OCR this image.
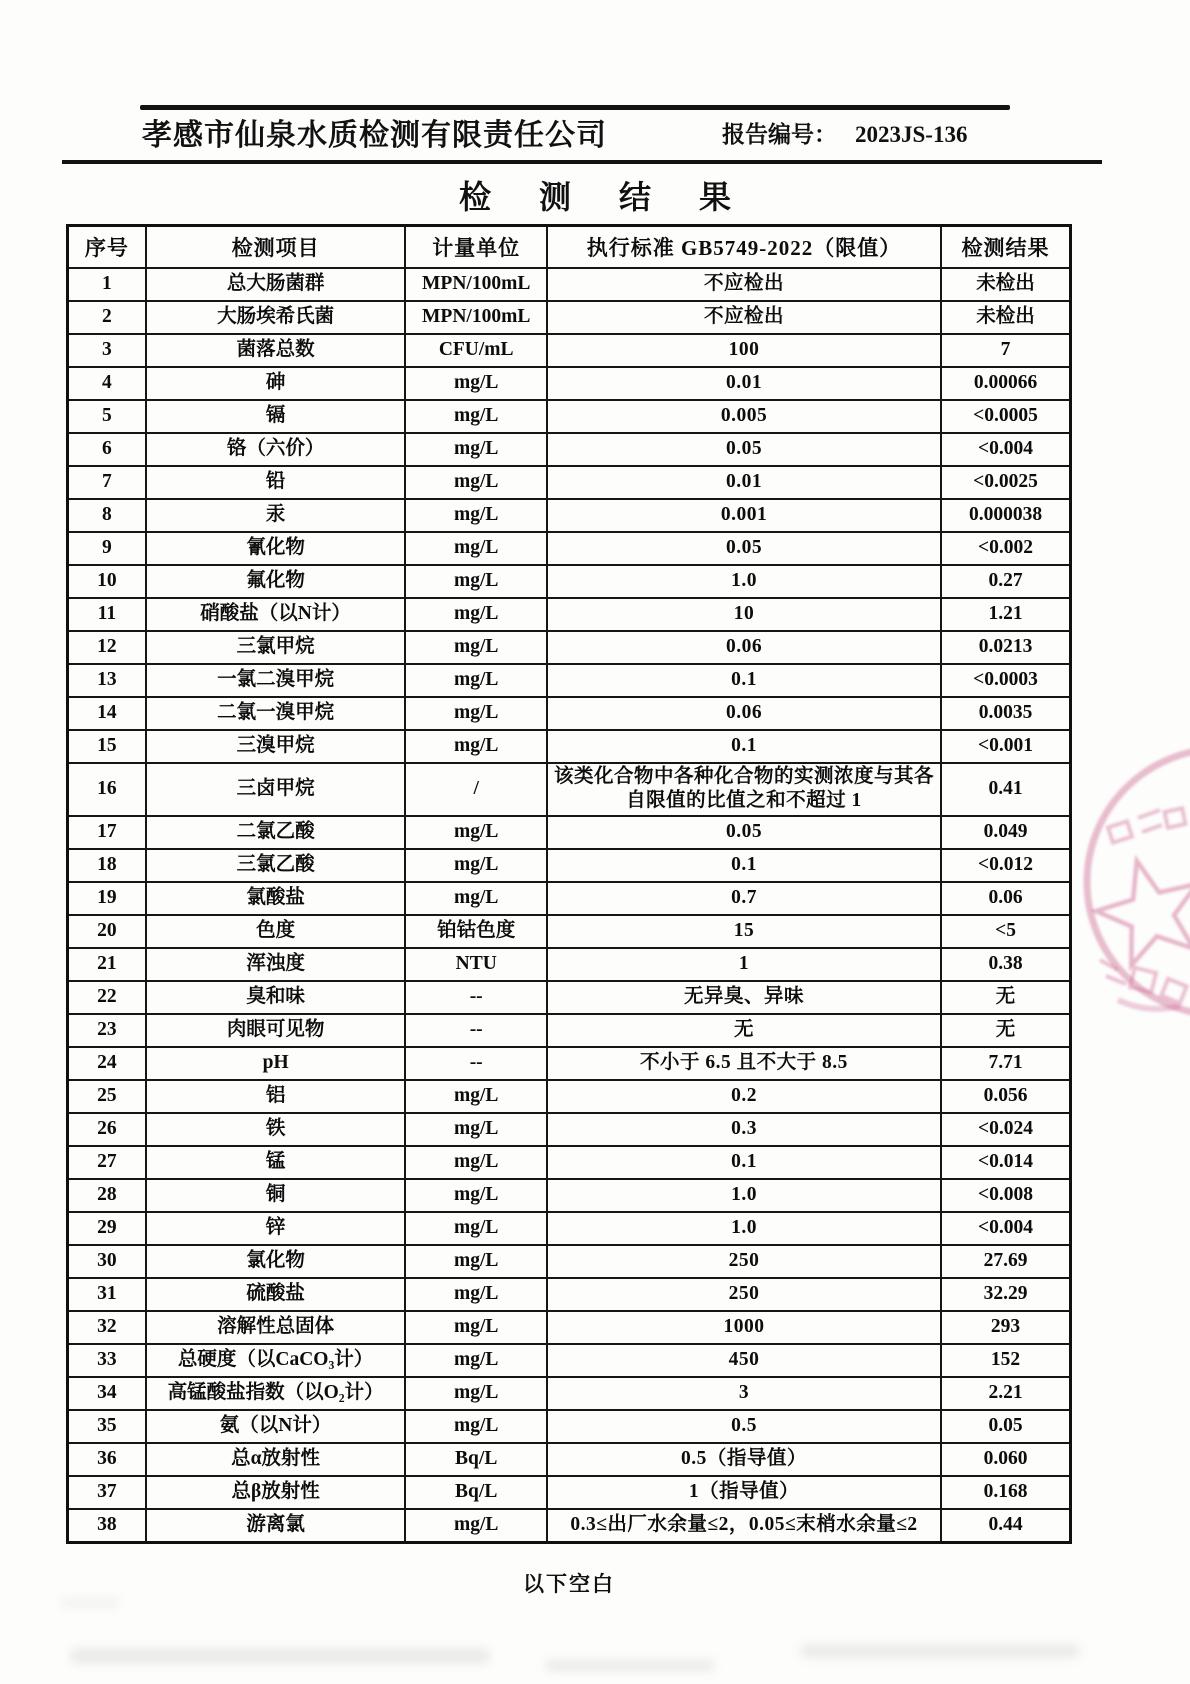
孝感市仙泉水质检测有限责任公司	报告编号： 2023JS-136
检 测 结 果
序号	检测项目	计量单位	执行标准 GB5749-2022（限值）	检测结果
1	总大肠菌群	MPN/100mL	不应检出	未检出
2	大肠埃希氏菌	MPN/100mL	不应检出	未检出
3	菌落总数	CFU/mL	100	7
4	砷	mg/L	0.01	0.00066
5	镉	mg/L	0.005	<0.0005
6	铬（六价）	mg/L	0.05	<0.004
7	铅	mg/L	0.01	<0.0025
8	汞	mg/L	0.001	0.000038
9	氰化物	mg/L	0.05	<0.002
10	氟化物	mg/L	1.0	0.27
11	硝酸盐（以N计）	mg/L	10	1.21
12	三氯甲烷	mg/L	0.06	0.0213
13	一氯二溴甲烷	mg/L	0.1	<0.0003
14	二氯一溴甲烷	mg/L	0.06	0.0035
15	三溴甲烷	mg/L	0.1	<0.001
16	三卤甲烷	/	该类化合物中各种化合物的实测浓度与其各自限值的比值之和不超过 1	0.41
17	二氯乙酸	mg/L	0.05	0.049
18	三氯乙酸	mg/L	0.1	<0.012
19	氯酸盐	mg/L	0.7	0.06
20	色度	铂钴色度	15	<5
21	浑浊度	NTU	1	0.38
22	臭和味	--	无异臭、异味	无
23	肉眼可见物	--	无	无
24	pH	--	不小于 6.5 且不大于 8.5	7.71
25	铝	mg/L	0.2	0.056
26	铁	mg/L	0.3	<0.024
27	锰	mg/L	0.1	<0.014
28	铜	mg/L	1.0	<0.008
29	锌	mg/L	1.0	<0.004
30	氯化物	mg/L	250	27.69
31	硫酸盐	mg/L	250	32.29
32	溶解性总固体	mg/L	1000	293
33	总硬度（以CaCO₃计）	mg/L	450	152
34	高锰酸盐指数（以O₂计）	mg/L	3	2.21
35	氨（以N计）	mg/L	0.5	0.05
36	总α放射性	Bq/L	0.5（指导值）	0.060
37	总β放射性	Bq/L	1（指导值）	0.168
38	游离氯	mg/L	0.3≤出厂水余量≤2，0.05≤末梢水余量≤2	0.44
以下空白
